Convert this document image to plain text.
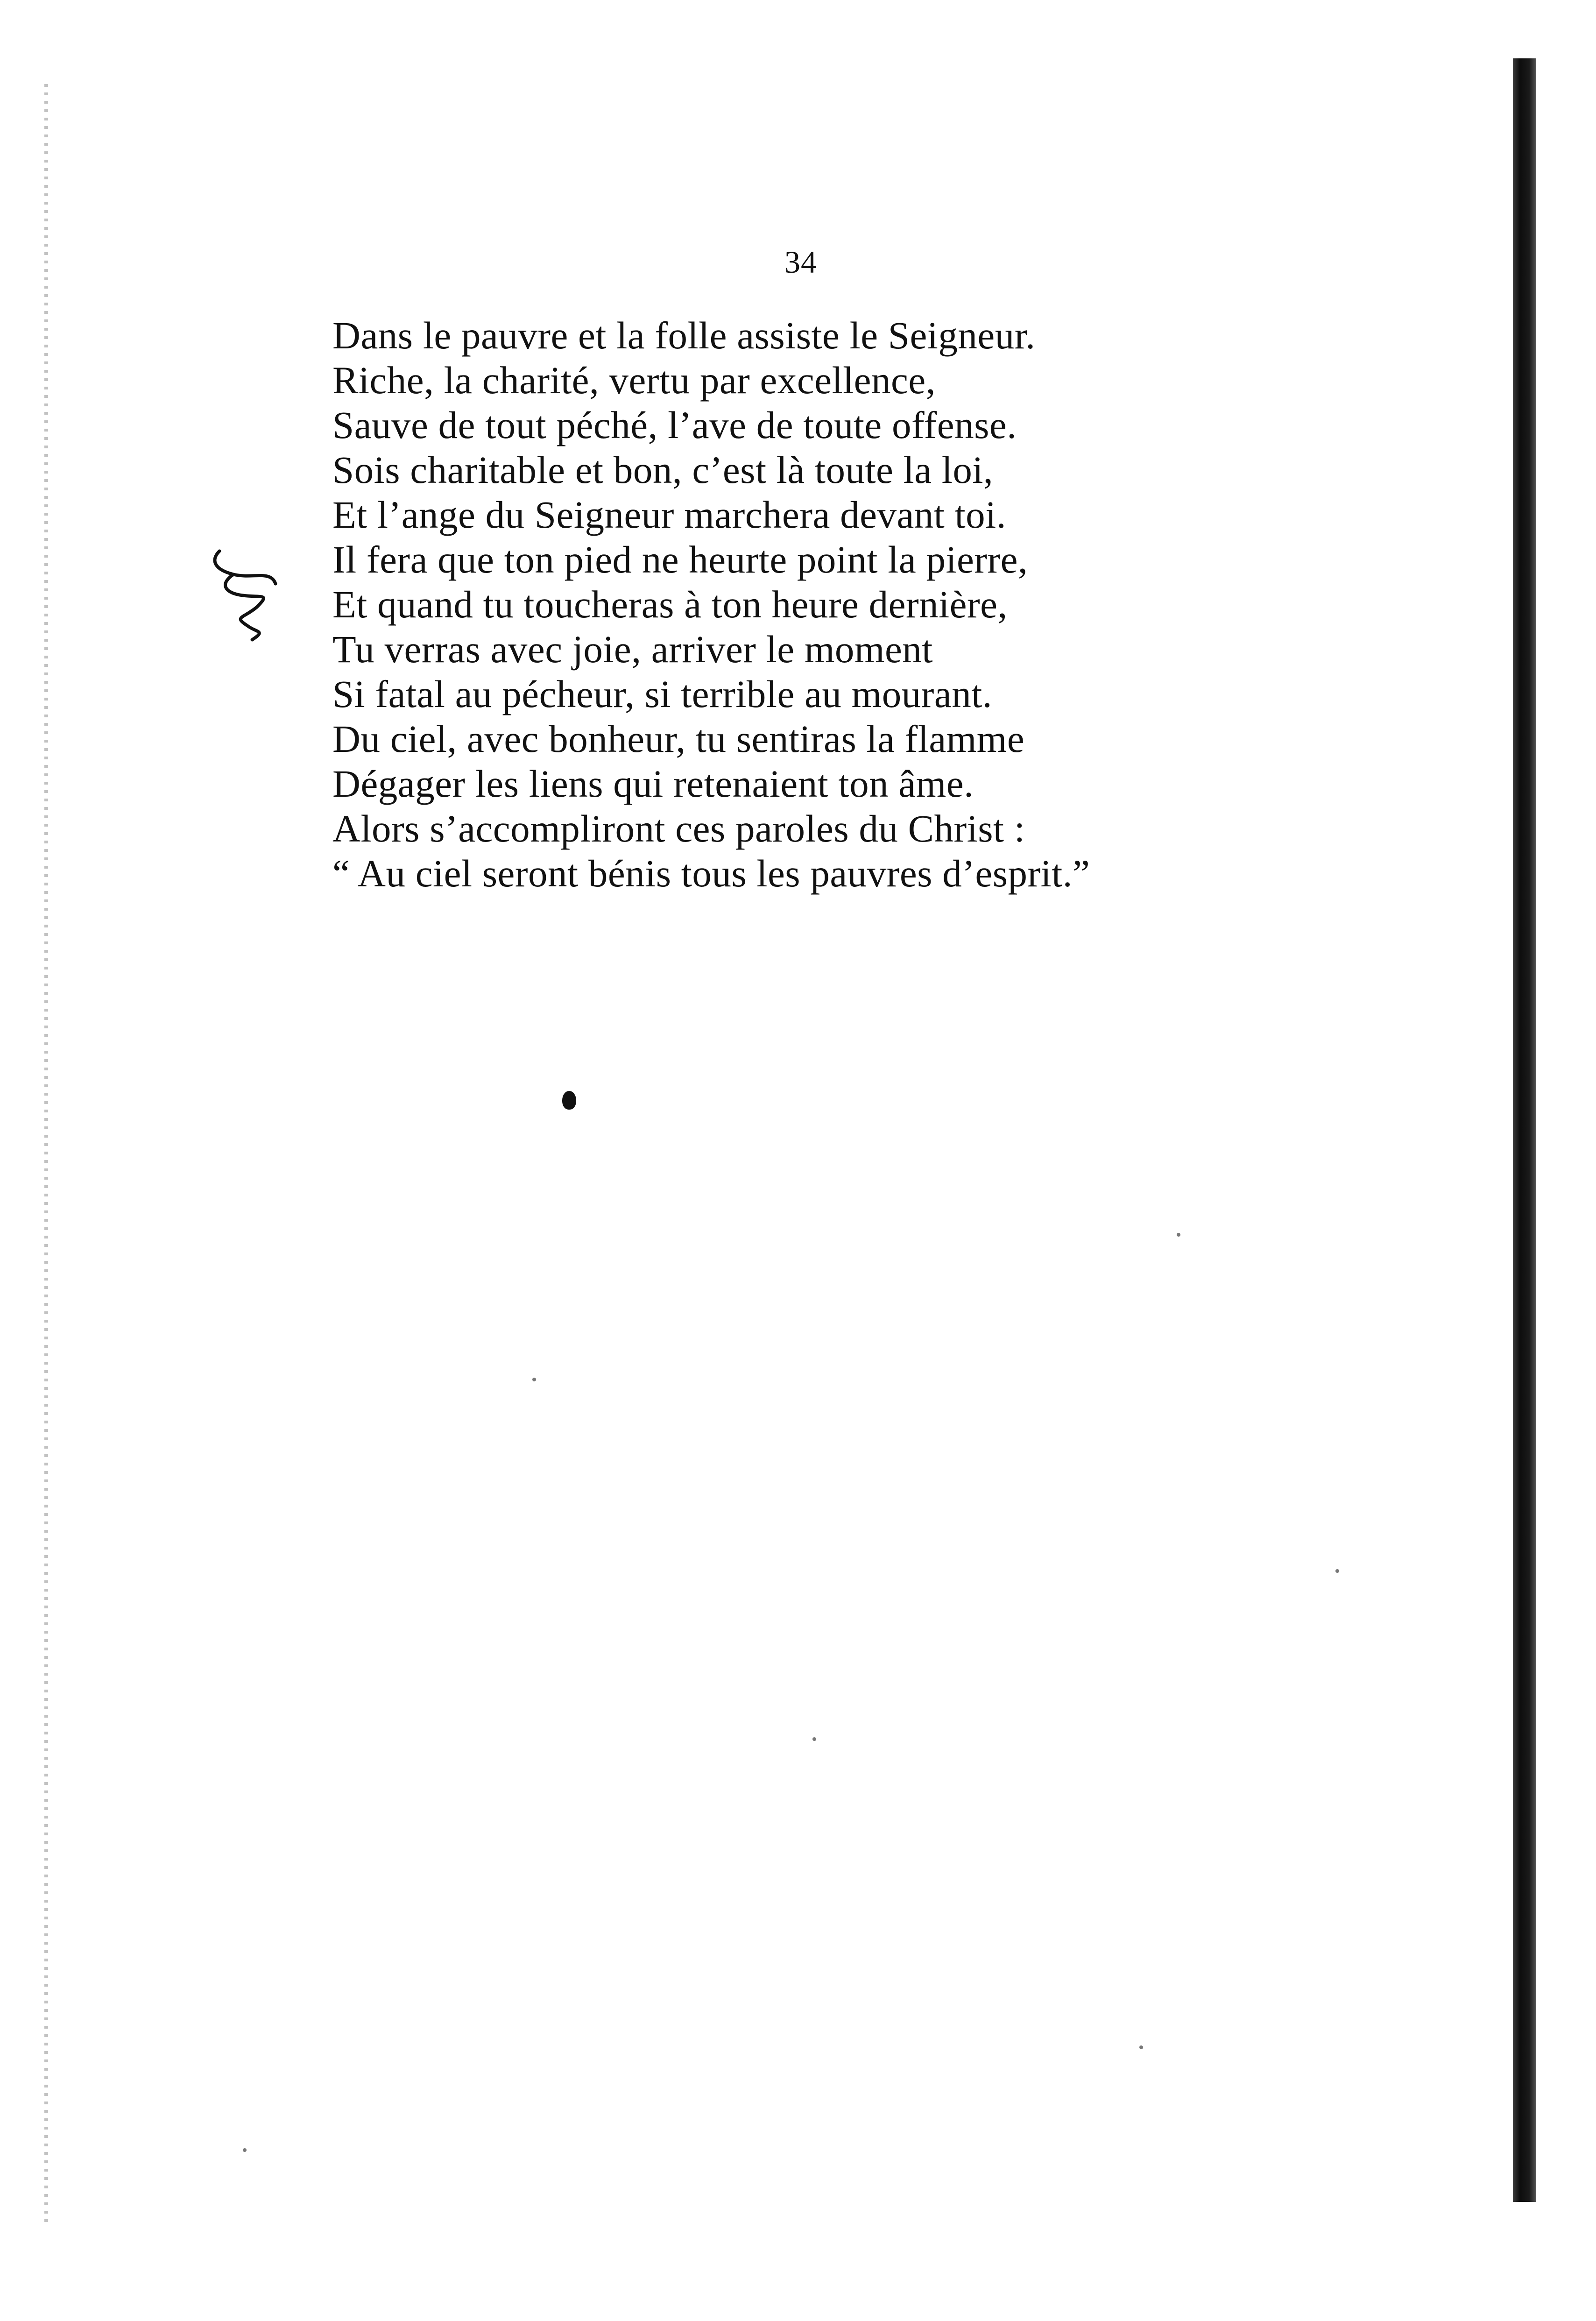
34
Dans le pauvre et la folle assiste le Seigneur.
Riche, la charité, vertu par excellence,
Sauve de tout péché, l’ave de toute offense.
Sois charitable et bon, c’est là toute la loi,
Et l’ange du Seigneur marchera devant toi.
Il fera que ton pied ne heurte point la pierre,
Et quand tu toucheras à ton heure dernière,
Tu verras avec joie, arriver le moment
Si fatal au pécheur, si terrible au mourant.
Du ciel, avec bonheur, tu sentiras la flamme
Dégager les liens qui retenaient ton âme.
Alors s’accompliront ces paroles du Christ :
“ Au ciel seront bénis tous les pauvres d’esprit.”
